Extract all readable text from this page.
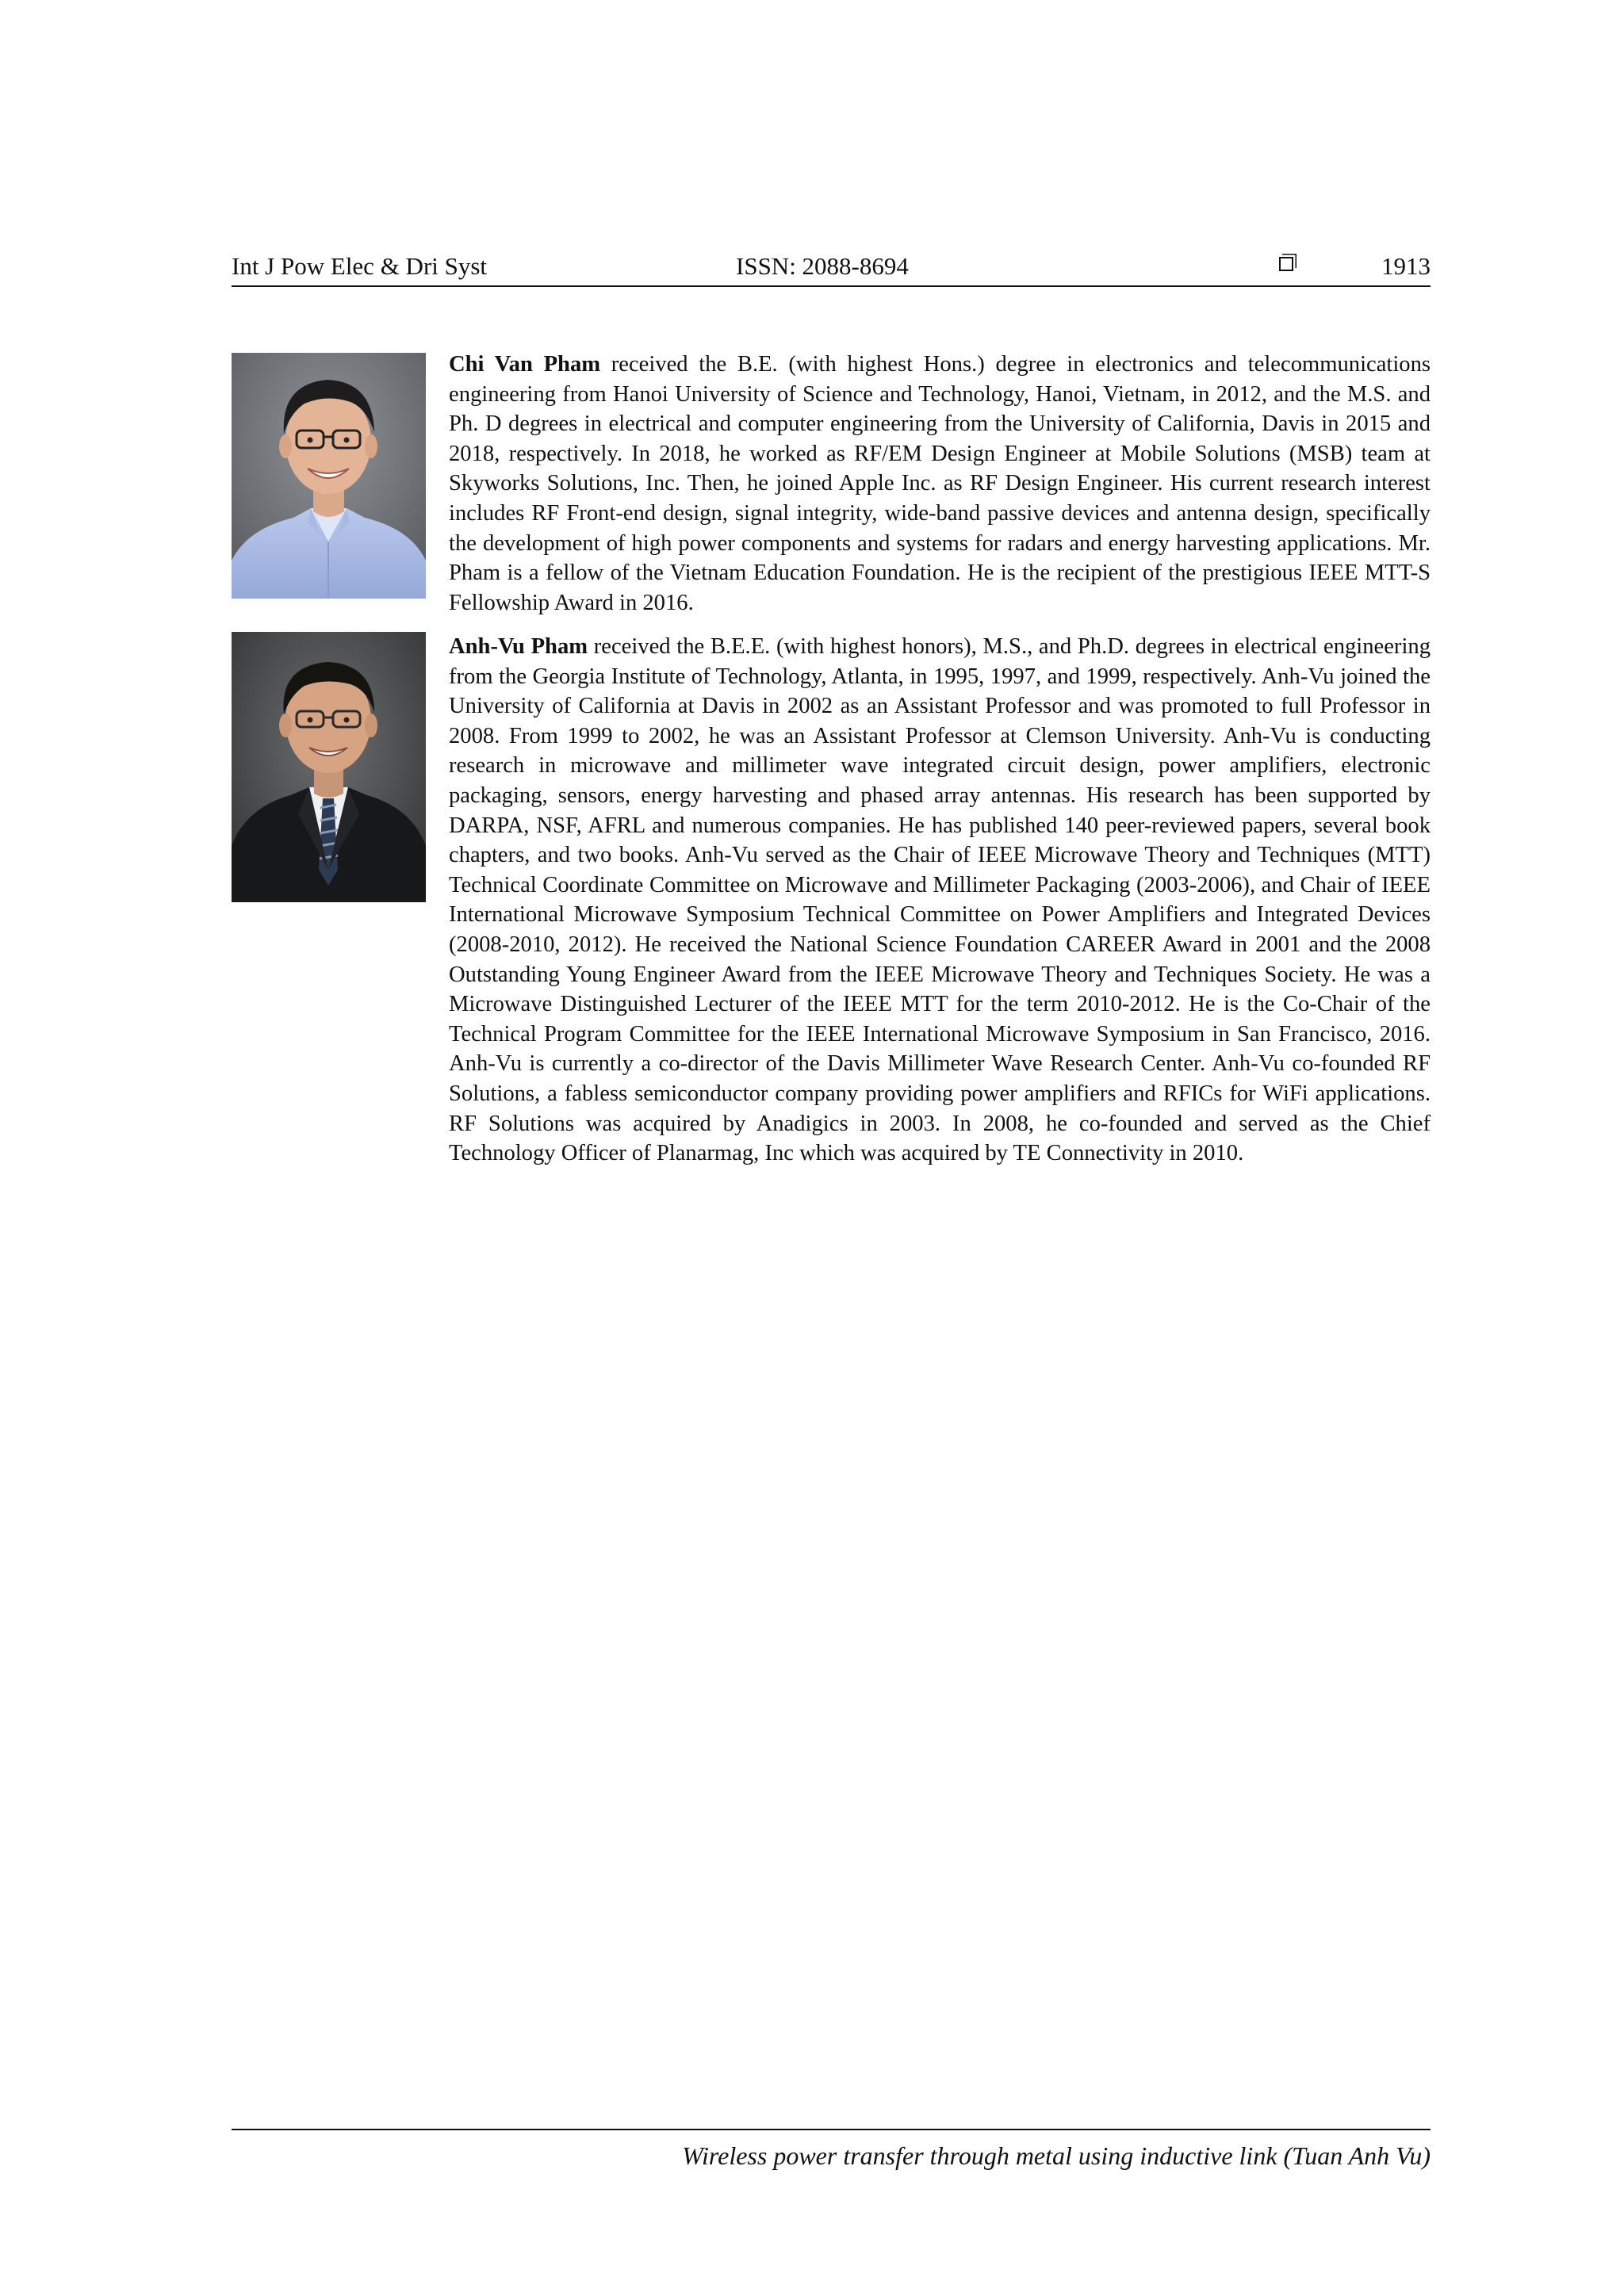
Int J Pow Elec & Dri Syst	ISSN: 2088-8694	1913
Chi Van Pham received the B.E. (with highest Hons.) degree in electronics and telecommunications engineering from Hanoi University of Science and Technology, Hanoi, Vietnam, in 2012, and the M.S. and Ph. D degrees in electrical and computer engineering from the University of California, Davis in 2015 and 2018, respectively. In 2018, he worked as RF/EM Design Engineer at Mobile Solutions (MSB) team at Skyworks Solutions, Inc. Then, he joined Apple Inc. as RF Design Engineer. His current research interest includes RF Front-end design, signal integrity, wide-band passive devices and antenna design, specifically the development of high power components and systems for radars and energy harvesting applications. Mr. Pham is a fellow of the Vietnam Education Foundation. He is the recipient of the prestigious IEEE MTT-S Fellowship Award in 2016.
Anh-Vu Pham received the B.E.E. (with highest honors), M.S., and Ph.D. degrees in electrical engineering from the Georgia Institute of Technology, Atlanta, in 1995, 1997, and 1999, respectively. Anh-Vu joined the University of California at Davis in 2002 as an Assistant Professor and was promoted to full Professor in 2008. From 1999 to 2002, he was an Assistant Professor at Clemson University. Anh-Vu is conducting research in microwave and millimeter wave integrated circuit design, power amplifiers, electronic packaging, sensors, energy harvesting and phased array antennas. His research has been supported by DARPA, NSF, AFRL and numerous companies. He has published 140 peer-reviewed papers, several book chapters, and two books. Anh-Vu served as the Chair of IEEE Microwave Theory and Techniques (MTT) Technical Coordinate Committee on Microwave and Millimeter Packaging (2003-2006), and Chair of IEEE International Microwave Symposium Technical Committee on Power Amplifiers and Integrated Devices (2008-2010, 2012). He received the National Science Foundation CAREER Award in 2001 and the 2008 Outstanding Young Engineer Award from the IEEE Microwave Theory and Techniques Society. He was a Microwave Distinguished Lecturer of the IEEE MTT for the term 2010-2012. He is the Co-Chair of the Technical Program Committee for the IEEE International Microwave Symposium in San Francisco, 2016. Anh-Vu is currently a co-director of the Davis Millimeter Wave Research Center. Anh-Vu co-founded RF Solutions, a fabless semiconductor company providing power amplifiers and RFICs for WiFi applications. RF Solutions was acquired by Anadigics in 2003. In 2008, he co-founded and served as the Chief Technology Officer of Planarmag, Inc which was acquired by TE Connectivity in 2010.
Wireless power transfer through metal using inductive link (Tuan Anh Vu)
